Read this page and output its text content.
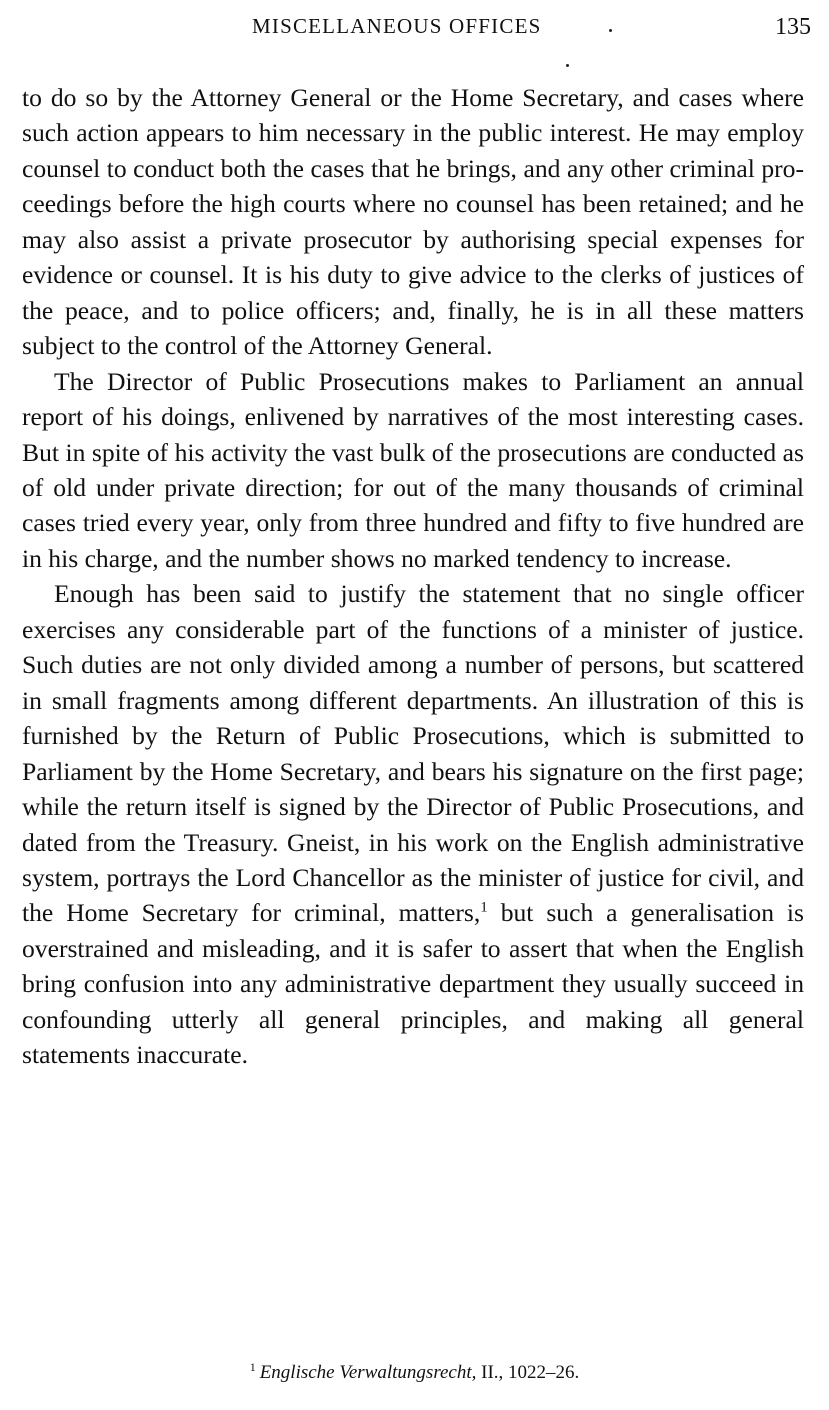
MISCELLANEOUS OFFICES	135

to do so by the Attorney General or the Home Secretary, and cases where such action appears to him necessary in the public interest. He may employ counsel to conduct both the cases that he brings, and any other criminal proceedings before the high courts where no counsel has been retained; and he may also assist a private prosecutor by authorising special expenses for evidence or counsel. It is his duty to give advice to the clerks of justices of the peace, and to police officers; and, finally, he is in all these matters subject to the control of the Attorney General.

The Director of Public Prosecutions makes to Parliament an annual report of his doings, enlivened by narratives of the most interesting cases. But in spite of his activity the vast bulk of the prosecutions are conducted as of old under private direction; for out of the many thousands of criminal cases tried every year, only from three hundred and fifty to five hundred are in his charge, and the number shows no marked tendency to increase.

Enough has been said to justify the statement that no single officer exercises any considerable part of the functions of a minister of justice. Such duties are not only divided among a number of persons, but scattered in small fragments among different departments. An illustration of this is furnished by the Return of Public Prosecutions, which is submitted to Parliament by the Home Secretary, and bears his signature on the first page; while the return itself is signed by the Director of Public Prosecutions, and dated from the Treasury. Gneist, in his work on the English administrative system, portrays the Lord Chancellor as the minister of justice for civil, and the Home Secretary for criminal, matters,$^1$ but such a generalisation is overstrained and misleading, and it is safer to assert that when the English bring confusion into any administrative department they usually succeed in confounding utterly all general principles, and making all general statements inaccurate.

$^1$ Englische Verwaltungsrecht, II., 1022–26.
